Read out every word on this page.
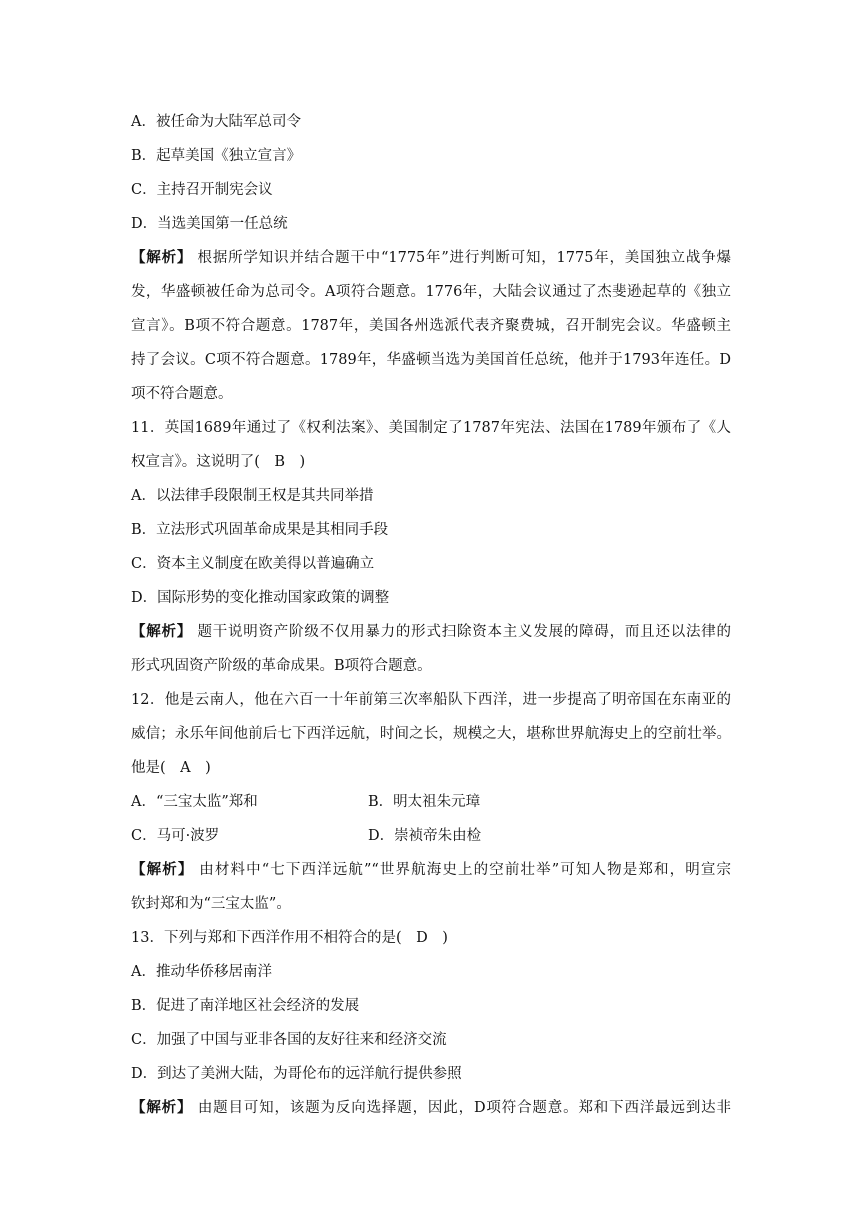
A．被任命为大陆军总司令
B．起草美国《独立宣言》
C．主持召开制宪会议
D．当选美国第一任总统
【解析】 根据所学知识并结合题干中“1775年”进行判断可知，1775年，美国独立战争爆
发，华盛顿被任命为总司令。A项符合题意。1776年，大陆会议通过了杰斐逊起草的《独立
宣言》。B项不符合题意。1787年，美国各州选派代表齐聚费城，召开制宪会议。华盛顿主
持了会议。C项不符合题意。1789年，华盛顿当选为美国首任总统，他并于1793年连任。D
项不符合题意。
11．英国1689年通过了《权利法案》、美国制定了1787年宪法、法国在1789年颁布了《人
权宣言》。这说明了(　B　)
A．以法律手段限制王权是其共同举措
B．立法形式巩固革命成果是其相同手段
C．资本主义制度在欧美得以普遍确立
D．国际形势的变化推动国家政策的调整
【解析】 题干说明资产阶级不仅用暴力的形式扫除资本主义发展的障碍，而且还以法律的
形式巩固资产阶级的革命成果。B项符合题意。
12．他是云南人，他在六百一十年前第三次率船队下西洋，进一步提高了明帝国在东南亚的
威信；永乐年间他前后七下西洋远航，时间之长，规模之大，堪称世界航海史上的空前壮举。
他是(　A　)
A．“三宝太监”郑和	B．明太祖朱元璋
C．马可·波罗	D．崇祯帝朱由检
【解析】 由材料中“七下西洋远航”“世界航海史上的空前壮举”可知人物是郑和，明宣宗
钦封郑和为“三宝太监”。
13．下列与郑和下西洋作用不相符合的是(　D　)
A．推动华侨移居南洋
B．促进了南洋地区社会经济的发展
C．加强了中国与亚非各国的友好往来和经济交流
D．到达了美洲大陆，为哥伦布的远洋航行提供参照
【解析】 由题目可知，该题为反向选择题，因此，D项符合题意。郑和下西洋最远到达非
